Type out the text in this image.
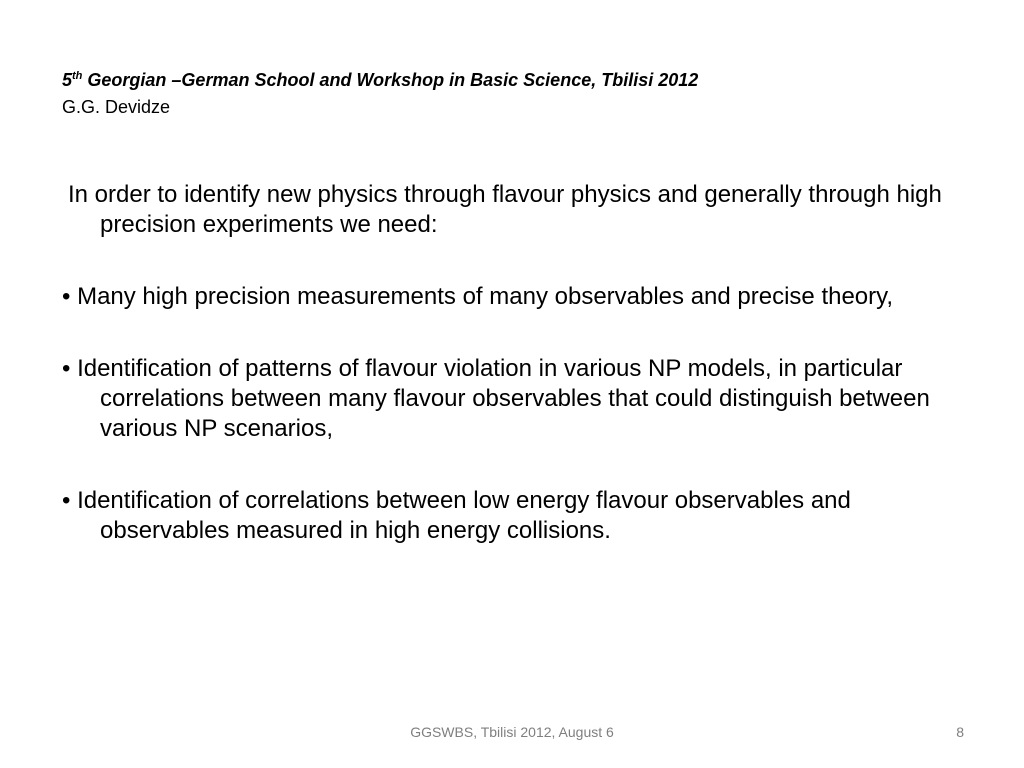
5th Georgian –German School and Workshop in Basic Science, Tbilisi 2012
G.G. Devidze

In order to identify new physics through flavour physics and generally through high precision experiments we need:

• Many high precision measurements of many observables and precise theory,

• Identification of patterns of flavour violation in various NP models, in particular correlations between many flavour observables that could distinguish between various NP scenarios,

• Identification of correlations between low energy flavour observables and observables measured in high energy collisions.

GGSWBS, Tbilisi 2012, August 6	8
